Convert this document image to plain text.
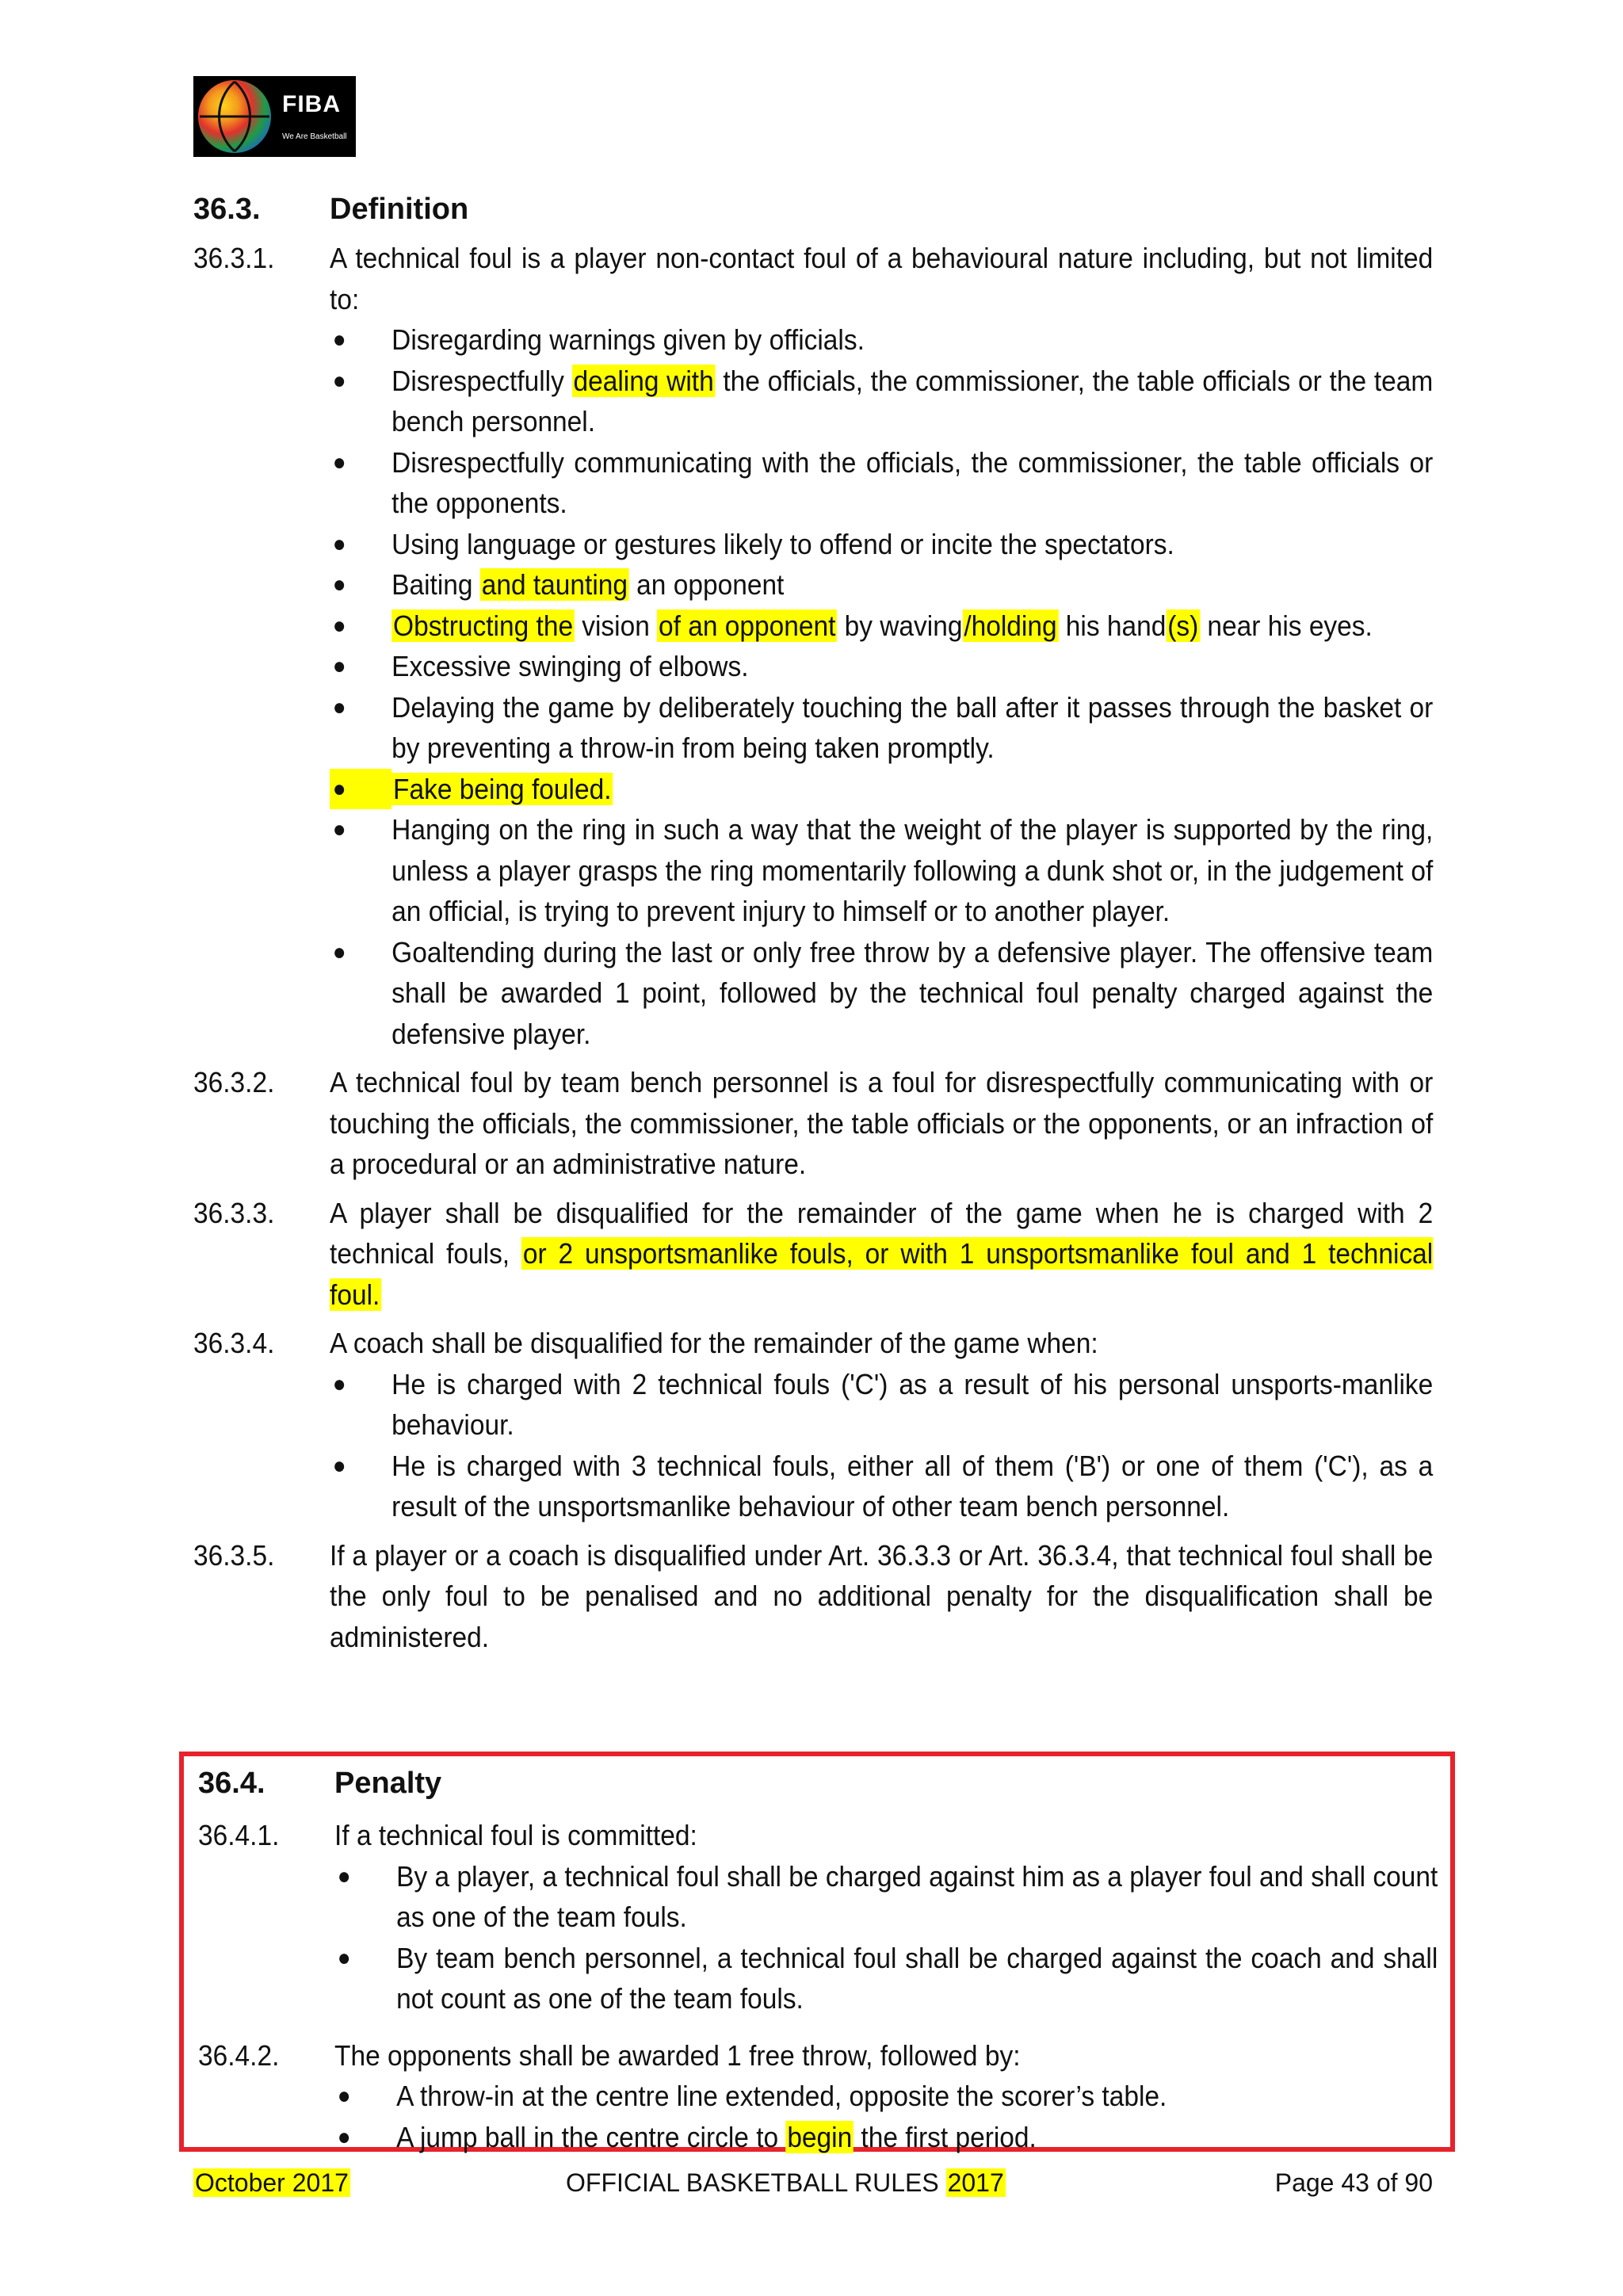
FIBA
We Are Basketball
36.3.	Definition
36.3.1.	A technical foul is a player non-contact foul of a behavioural nature including, but not limited to:
●	Disregarding warnings given by officials.
●	Disrespectfully dealing with the officials, the commissioner, the table officials or the team bench personnel.
●	Disrespectfully communicating with the officials, the commissioner, the table officials or the opponents.
●	Using language or gestures likely to offend or incite the spectators.
●	Baiting and taunting an opponent
●	Obstructing the vision of an opponent by waving/holding his hand(s) near his eyes.
●	Excessive swinging of elbows.
●	Delaying the game by deliberately touching the ball after it passes through the basket or by preventing a throw-in from being taken promptly.
●	Fake being fouled.
●	Hanging on the ring in such a way that the weight of the player is supported by the ring, unless a player grasps the ring momentarily following a dunk shot or, in the judgement of an official, is trying to prevent injury to himself or to another player.
●	Goaltending during the last or only free throw by a defensive player. The offensive team shall be awarded 1 point, followed by the technical foul penalty charged against the defensive player.
36.3.2.	A technical foul by team bench personnel is a foul for disrespectfully communicating with or touching the officials, the commissioner, the table officials or the opponents, or an infraction of a procedural or an administrative nature.
36.3.3.	A player shall be disqualified for the remainder of the game when he is charged with 2 technical fouls, or 2 unsportsmanlike fouls, or with 1 unsportsmanlike foul and 1 technical foul.
36.3.4.	A coach shall be disqualified for the remainder of the game when:
●	He is charged with 2 technical fouls ('C') as a result of his personal unsports-manlike behaviour.
●	He is charged with 3 technical fouls, either all of them ('B') or one of them ('C'), as a result of the unsportsmanlike behaviour of other team bench personnel.
36.3.5.	If a player or a coach is disqualified under Art. 36.3.3 or Art. 36.3.4, that technical foul shall be the only foul to be penalised and no additional penalty for the disqualification shall be administered.
36.4.	Penalty
36.4.1.	If a technical foul is committed:
●	By a player, a technical foul shall be charged against him as a player foul and shall count as one of the team fouls.
●	By team bench personnel, a technical foul shall be charged against the coach and shall not count as one of the team fouls.
36.4.2.	The opponents shall be awarded 1 free throw, followed by:
●	A throw-in at the centre line extended, opposite the scorer’s table.
●	A jump ball in the centre circle to begin the first period.
October 2017	OFFICIAL BASKETBALL RULES 2017	Page 43 of 90
